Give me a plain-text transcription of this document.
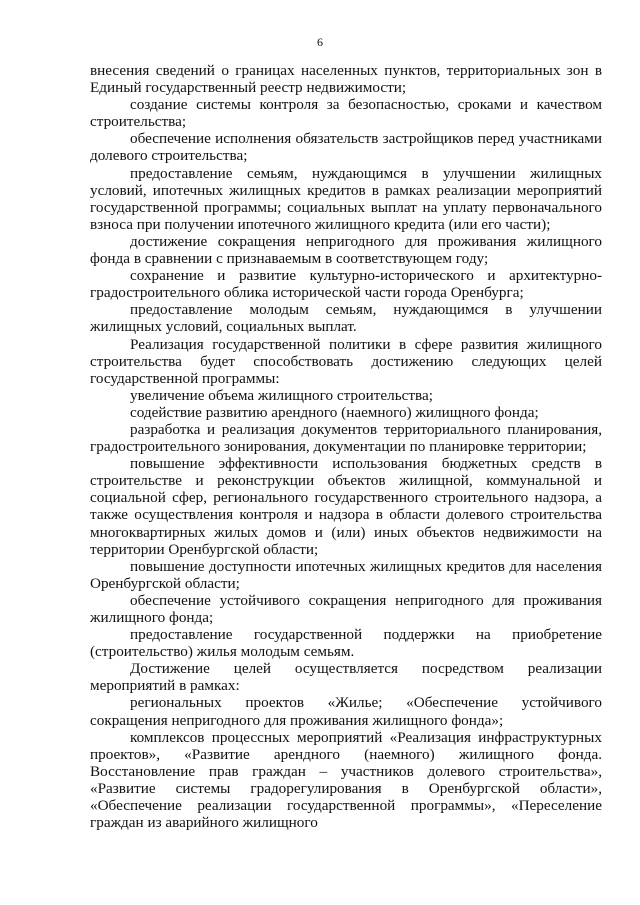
6

внесения сведений о границах населенных пунктов, территориальных зон в Единый государственный реестр недвижимости;

создание системы контроля за безопасностью, сроками и качеством строительства;

обеспечение исполнения обязательств застройщиков перед участниками долевого строительства;

предоставление семьям, нуждающимся в улучшении жилищных условий, ипотечных жилищных кредитов в рамках реализации мероприятий государственной программы; социальных выплат на уплату первоначального взноса при получении ипотечного жилищного кредита (или его части);

достижение сокращения непригодного для проживания жилищного фонда в сравнении с признаваемым в соответствующем году;

сохранение и развитие культурно-исторического и архитектурно-градостроительного облика исторической части города Оренбурга;

предоставление молодым семьям, нуждающимся в улучшении жилищных условий, социальных выплат.

Реализация государственной политики в сфере развития жилищного строительства будет способствовать достижению следующих целей государственной программы:

увеличение объема жилищного строительства;

содействие развитию арендного (наемного) жилищного фонда;

разработка и реализация документов территориального планирования, градостроительного зонирования, документации по планировке территории;

повышение эффективности использования бюджетных средств в строительстве и реконструкции объектов жилищной, коммунальной и социальной сфер, регионального государственного строительного надзора, а также осуществления контроля и надзора в области долевого строительства многоквартирных жилых домов и (или) иных объектов недвижимости на территории Оренбургской области;

повышение доступности ипотечных жилищных кредитов для населения Оренбургской области;

обеспечение устойчивого сокращения непригодного для проживания жилищного фонда;

предоставление государственной поддержки на приобретение (строительство) жилья молодым семьям.

Достижение целей осуществляется посредством реализации мероприятий в рамках:

региональных проектов «Жилье; «Обеспечение устойчивого сокращения непригодного для проживания жилищного фонда»;

комплексов процессных мероприятий «Реализация инфраструктурных проектов», «Развитие арендного (наемного) жилищного фонда. Восстановление прав граждан – участников долевого строительства», «Развитие системы градорегулирования в Оренбургской области», «Обеспечение реализации государственной программы», «Переселение граждан из аварийного жилищного
